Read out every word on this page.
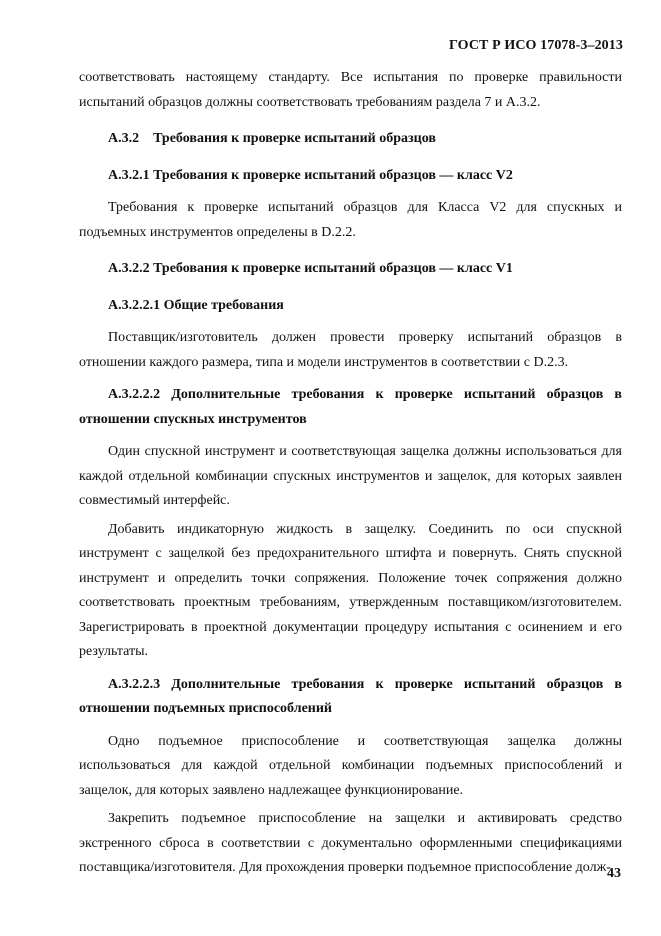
ГОСТ Р ИСО 17078-3–2013

соответствовать настоящему стандарту. Все испытания по проверке правильности испытаний образцов должны соответствовать требованиям раздела 7 и А.3.2.

А.3.2 Требования к проверке испытаний образцов

А.3.2.1 Требования к проверке испытаний образцов — класс V2

Требования к проверке испытаний образцов для Класса V2 для спускных и подъемных инструментов определены в D.2.2.

А.3.2.2 Требования к проверке испытаний образцов — класс V1

А.3.2.2.1 Общие требования

Поставщик/изготовитель должен провести проверку испытаний образцов в отношении каждого размера, типа и модели инструментов в соответствии с D.2.3.

А.3.2.2.2 Дополнительные требования к проверке испытаний образцов в отношении спускных инструментов

Один спускной инструмент и соответствующая защелка должны использоваться для каждой отдельной комбинации спускных инструментов и защелок, для которых заявлен совместимый интерфейс.

Добавить индикаторную жидкость в защелку. Соединить по оси спускной инструмент с защелкой без предохранительного штифта и повернуть. Снять спускной инструмент и определить точки сопряжения. Положение точек сопряжения должно соответствовать проектным требованиям, утвержденным поставщиком/изготовителем. Зарегистрировать в проектной документации процедуру испытания с осинением и его результаты.

А.3.2.2.3 Дополнительные требования к проверке испытаний образцов в отношении подъемных приспособлений

Одно подъемное приспособление и соответствующая защелка должны использоваться для каждой отдельной комбинации подъемных приспособлений и защелок, для которых заявлено надлежащее функционирование.

Закрепить подъемное приспособление на защелки и активировать средство экстренного сброса в соответствии с документально оформленными спецификациями поставщика/изготовителя. Для прохождения проверки подъемное приспособление долж-

43
